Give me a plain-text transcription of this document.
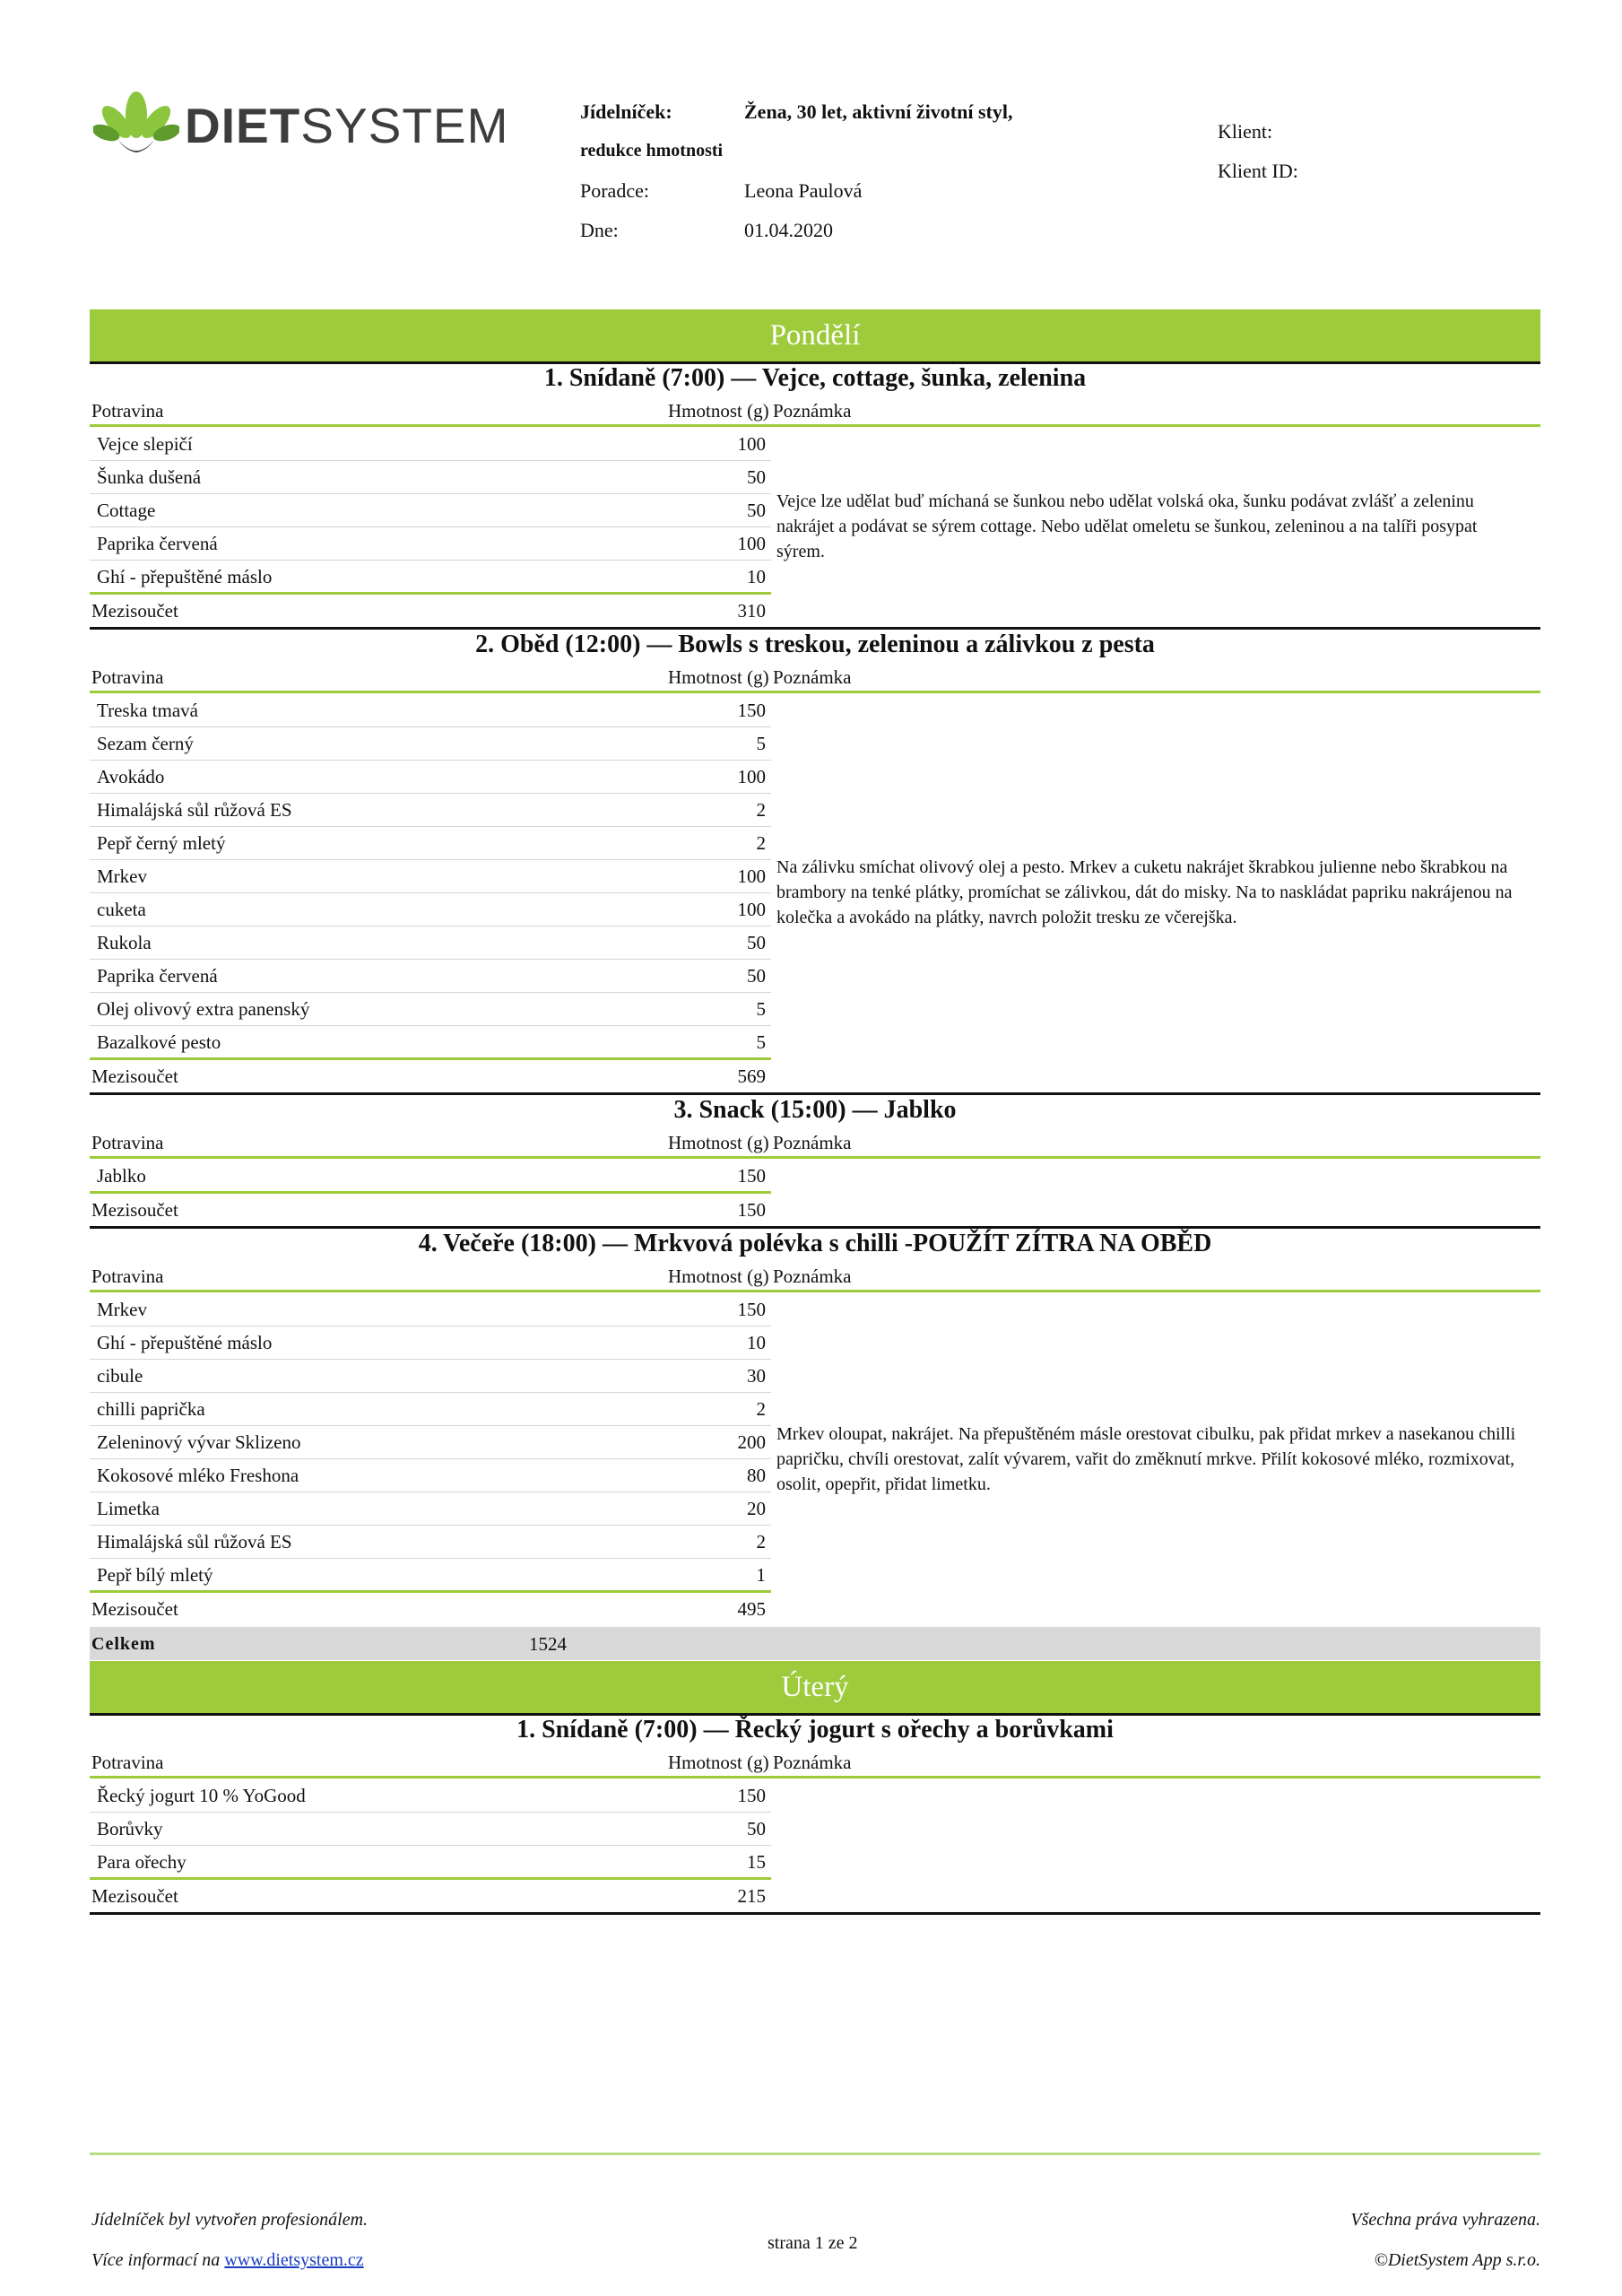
DIETSYSTEM	Jídelníček:	Žena, 30 let, aktivní životní styl,
redukce hmotnosti
Poradce:	Leona Paulová
Dne:	01.04.2020
Klient:
Klient ID:
Pondělí
1. Snídaně (7:00) — Vejce, cottage, šunka, zelenina
Potravina	Hmotnost (g) Poznámka
Vejce slepičí	100
Šunka dušená	50
Cottage	50
Paprika červená	100
Ghí - přepuštěné máslo	10
Mezisoučet	310
Vejce lze udělat buď míchaná se šunkou nebo udělat volská oka, šunku podávat zvlášť a zeleninu nakrájet a podávat se sýrem cottage. Nebo udělat omeletu se šunkou, zeleninou a na talíři posypat sýrem.
2. Oběd (12:00) — Bowls s treskou, zeleninou a zálivkou z pesta
Potravina	Hmotnost (g) Poznámka
Treska tmavá	150
Sezam černý	5
Avokádo	100
Himalájská sůl růžová ES	2
Pepř černý mletý	2
Mrkev	100
cuketa	100
Rukola	50
Paprika červená	50
Olej olivový extra panenský	5
Bazalkové pesto	5
Mezisoučet	569
Na zálivku smíchat olivový olej a pesto. Mrkev a cuketu nakrájet škrabkou julienne nebo škrabkou na brambory na tenké plátky, promíchat se zálivkou, dát do misky. Na to naskládat papriku nakrájenou na kolečka a avokádo na plátky, navrch položit tresku ze včerejška.
3. Snack (15:00) — Jablko
Potravina	Hmotnost (g) Poznámka
Jablko	150
Mezisoučet	150
4. Večeře (18:00) — Mrkvová polévka s chilli -POUŽÍT ZÍTRA NA OBĚD
Potravina	Hmotnost (g) Poznámka
Mrkev	150
Ghí - přepuštěné máslo	10
cibule	30
chilli paprička	2
Zeleninový vývar Sklizeno	200
Kokosové mléko Freshona	80
Limetka	20
Himalájská sůl růžová ES	2
Pepř bílý mletý	1
Mezisoučet	495
Mrkev oloupat, nakrájet. Na přepuštěném másle orestovat cibulku, pak přidat mrkev a nasekanou chilli papričku, chvíli orestovat, zalít vývarem, vařit do změknutí mrkve. Přilít kokosové mléko, rozmixovat, osolit, opepřit, přidat limetku.
Celkem	1524
Úterý
1. Snídaně (7:00) — Řecký jogurt s ořechy a borůvkami
Potravina	Hmotnost (g) Poznámka
Řecký jogurt 10 % YoGood	150
Borůvky	50
Para ořechy	15
Mezisoučet	215
Jídelníček byl vytvořen profesionálem.
Více informací na www.dietsystem.cz
strana 1 ze 2
Všechna práva vyhrazena.
©DietSystem App s.r.o.
